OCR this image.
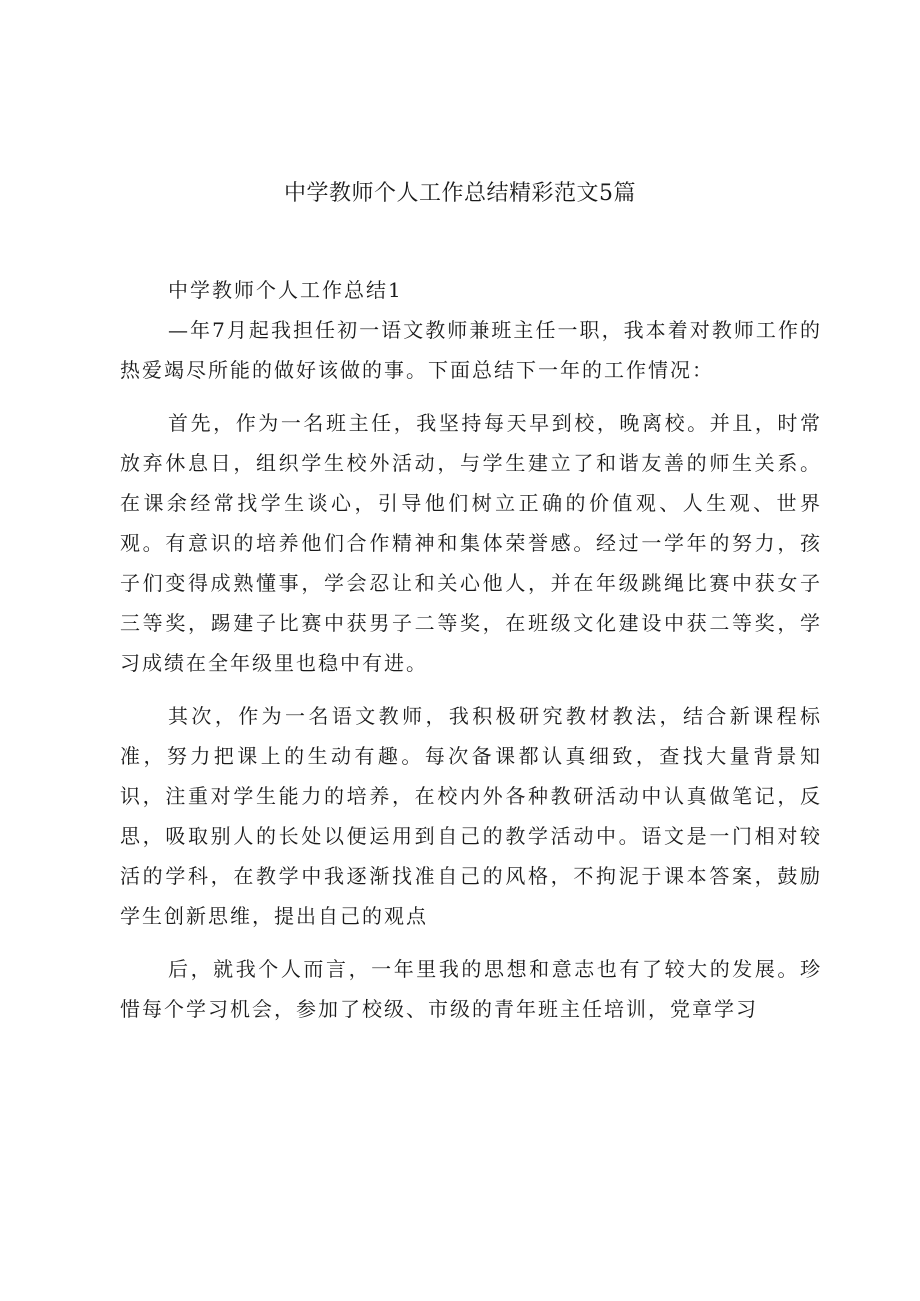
中学教师个人工作总结精彩范文5篇
中学教师个人工作总结1

—年7月起我担任初一语文教师兼班主任一职，我本着对教师工作的热爱竭尽所能的做好该做的事。下面总结下一年的工作情况：

首先，作为一名班主任，我坚持每天早到校，晚离校。并且，时常放弃休息日，组织学生校外活动，与学生建立了和谐友善的师生关系。在课余经常找学生谈心，引导他们树立正确的价值观、人生观、世界观。有意识的培养他们合作精神和集体荣誉感。经过一学年的努力，孩子们变得成熟懂事，学会忍让和关心他人，并在年级跳绳比赛中获女子三等奖，踢建子比赛中获男子二等奖，在班级文化建设中获二等奖，学习成绩在全年级里也稳中有进。

其次，作为一名语文教师，我积极研究教材教法，结合新课程标准，努力把课上的生动有趣。每次备课都认真细致，查找大量背景知识，注重对学生能力的培养，在校内外各种教研活动中认真做笔记，反思，吸取别人的长处以便运用到自己的教学活动中。语文是一门相对较活的学科，在教学中我逐渐找准自己的风格，不拘泥于课本答案，鼓励学生创新思维，提出自己的观点

后，就我个人而言，一年里我的思想和意志也有了较大的发展。珍惜每个学习机会，参加了校级、市级的青年班主任培训，党章学习
